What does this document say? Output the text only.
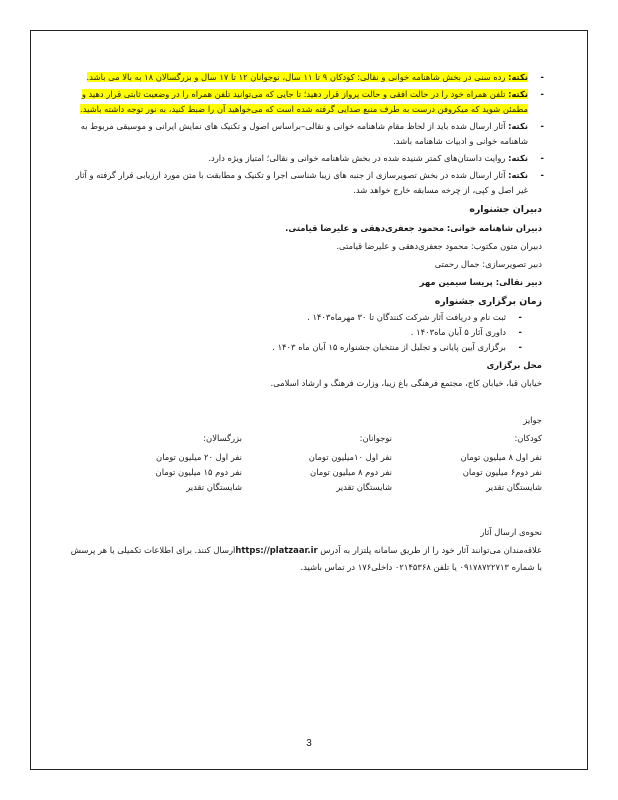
- نکته: رده سنی در بخش شاهنامه خوانی و نقالی: کودکان ۹ تا ۱۱ سال، نوجوانان ۱۲ تا ۱۷ سال و بزرگسالان ۱۸ به بالا می باشد.
- نکته: تلفن همراه خود را در حالت افقی و حالت پرواز قرار دهید؛ تا جایی که می‌توانید تلفن همراه را در وضعیت ثابتی قرار دهید و مطمئن شوید که میکروفن درست به طرف منبع صدایی گرفته شده است که می‌خواهید آن را ضبط کنید، به نور توجه داشته باشید.
- نکته: آثار ارسال شده باید از لحاظ مقام شاهنامه خوانی و نقالی–براساس اصول و تکنیک های نمایش ایرانی و موسیقی مربوط به شاهنامه خوانی و ادبیات شاهنامه باشد.
- نکته: روایت داستان‌های کمتر شنیده شده در بخش شاهنامه خوانی و نقالی؛ امتیاز ویژه دارد.
- نکته: آثار ارسال شده در بخش تصویرسازی از جنبه های زیبا شناسی اجرا و تکنیک و مطابقت با متن مورد ارزیابی قرار گرفته و آثار غیر اصل و کپی، از چرخه مسابقه خارج خواهد شد.
دبیران جشنواره
دبیران شاهنامه خوانی: محمود جعفری‌دهقی و علیرضا قیامتی.
دبیران متون مکتوب: محمود جعفری‌دهقی و علیرضا قیامتی.
دبیر تصویرسازی: جمال رحمتی
دبیر نقالی: پریسا سیمین مهر
زمان برگزاری جشنواره
- ثبت نام و دریافت آثار شرکت کنندگان تا ۳۰ مهرماه۱۴۰۳ .
- داوری آثار ۵ آبان ماه۱۴۰۳ .
- برگزاری آیین پایانی و تجلیل از منتخبان جشنواره ۱۵ آبان ماه ۱۴۰۳ .
محل برگزاری
خیابان قبا، خیابان کاج، مجتمع فرهنگی باغ زیبا، وزارت فرهنگ و ارشاد اسلامی.
جوایز
کودکان:
نفر اول ۸ میلیون تومان
نفر دوم۶ میلیون تومان
شایستگان تقدیر
نوجوانان:
نفر اول ۱۰میلیون تومان
نفر دوم ۸ میلیون تومان
شایستگان تقدیر
بزرگسالان:
نفر اول ۲۰ میلیون تومان
نفر دوم ۱۵ میلیون تومان
شایستگان تقدیر
نحوه‌ی ارسال آثار
علاقه‌مندان می‌توانند آثار خود را از طریق سامانه پلتزار به آدرس https://platzaar.irارسال کنند. برای اطلاعات تکمیلی یا هر پرسش با شماره ۰۹۱۷۸۷۲۲۷۱۳ یا تلفن ۰۲۱۴۵۳۶۸ داخلی۱۷۶ در تماس باشید.
3
